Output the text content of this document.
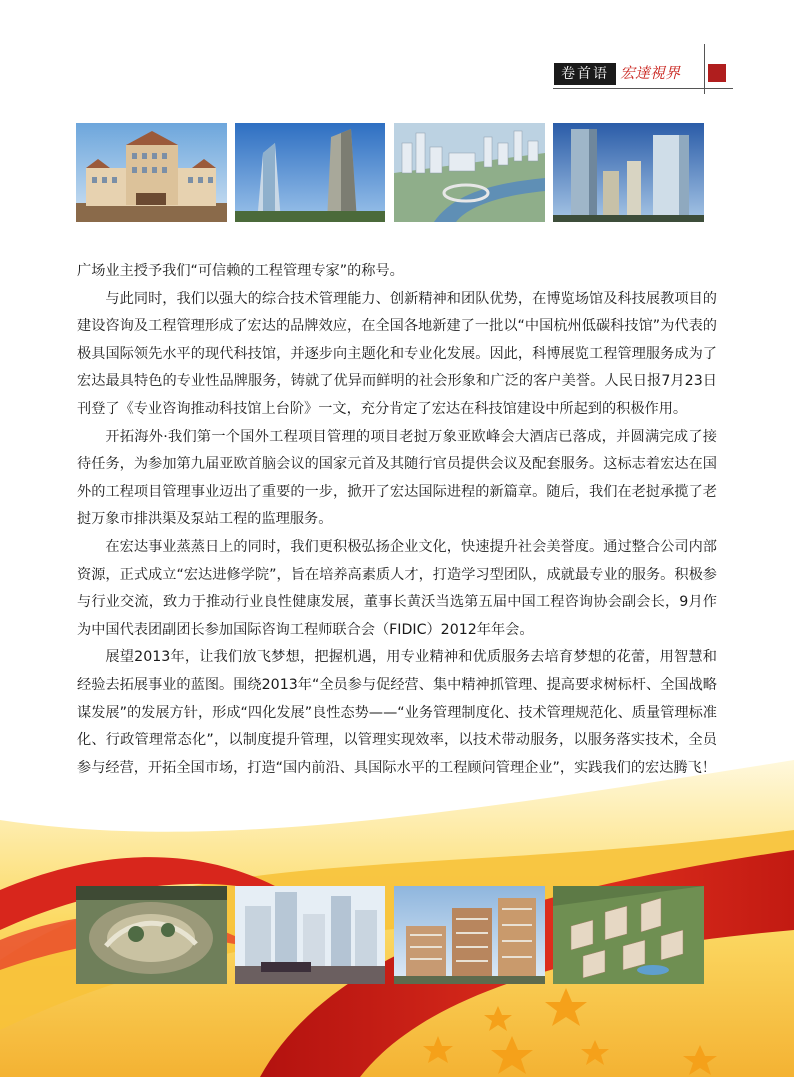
卷首语 宏達視界

广场业主授予我们“可信赖的工程管理专家”的称号。

与此同时，我们以强大的综合技术管理能力、创新精神和团队优势，在博览场馆及科技展教项目的建设咨询及工程管理形成了宏达的品牌效应，在全国各地新建了一批以“中国杭州低碳科技馆”为代表的极具国际领先水平的现代科技馆，并逐步向主题化和专业化发展。因此，科博展览工程管理服务成为了宏达最具特色的专业性品牌服务，铸就了优异而鲜明的社会形象和广泛的客户美誉。人民日报7月23日刊登了《专业咨询推动科技馆上台阶》一文，充分肯定了宏达在科技馆建设中所起到的积极作用。

开拓海外·我们第一个国外工程项目管理的项目老挝万象亚欧峰会大酒店已落成，并圆满完成了接待任务，为参加第九届亚欧首脑会议的国家元首及其随行官员提供会议及配套服务。这标志着宏达在国外的工程项目管理事业迈出了重要的一步，掀开了宏达国际进程的新篇章。随后，我们在老挝承揽了老挝万象市排洪渠及泵站工程的监理服务。

在宏达事业蒸蒸日上的同时，我们更积极弘扬企业文化，快速提升社会美誉度。通过整合公司内部资源，正式成立“宏达进修学院”，旨在培养高素质人才，打造学习型团队，成就最专业的服务。积极参与行业交流，致力于推动行业良性健康发展，董事长黄沃当选第五届中国工程咨询协会副会长，9月作为中国代表团副团长参加国际咨询工程师联合会（FIDIC）2012年年会。

展望2013年，让我们放飞梦想，把握机遇，用专业精神和优质服务去培育梦想的花蕾，用智慧和经验去拓展事业的蓝图。围绕2013年“全员参与促经营、集中精神抓管理、提高要求树标杆、全国战略谋发展”的发展方针，形成“四化发展”良性态势——“业务管理制度化、技术管理规范化、质量管理标准化、行政管理常态化”，以制度提升管理，以管理实现效率，以技术带动服务，以服务落实技术，全员参与经营，开拓全国市场，打造“国内前沿、具国际水平的工程顾问管理企业”，实践我们的宏达腾飞！
